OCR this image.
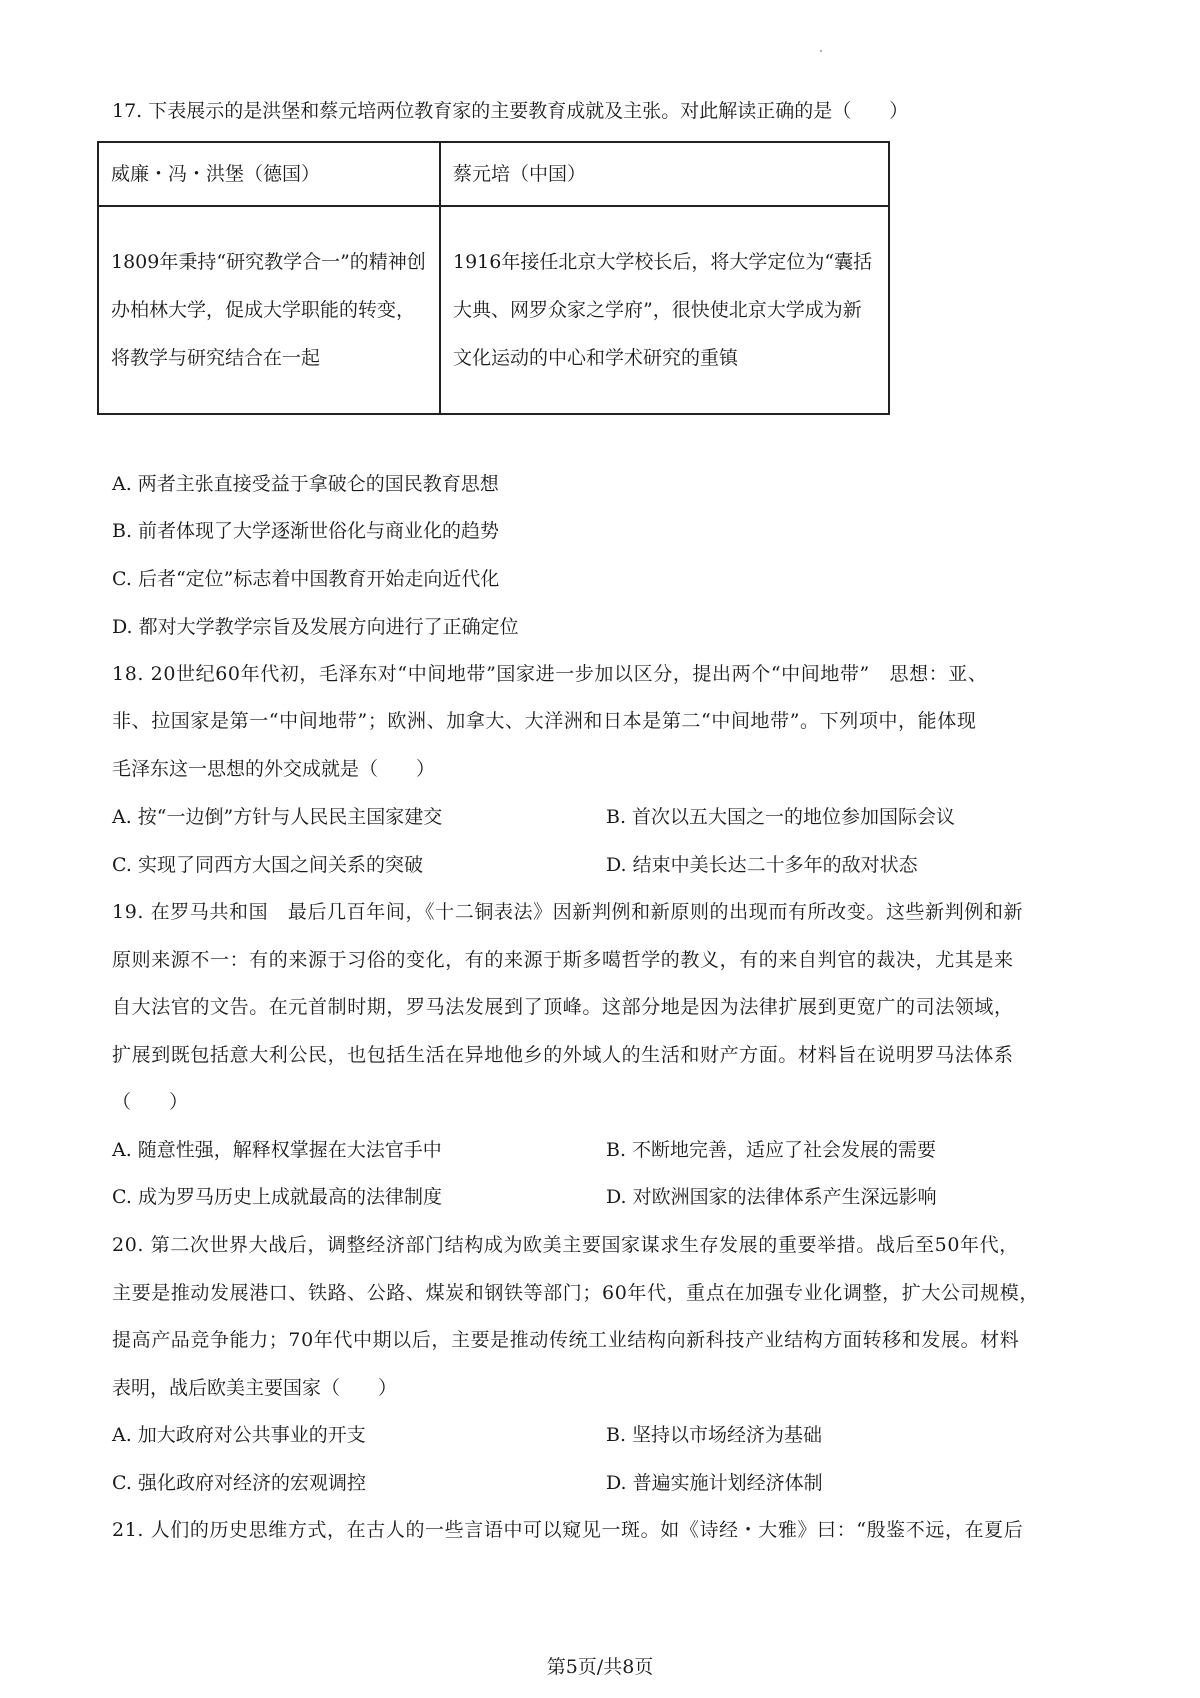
17. 下表展示的是洪堡和蔡元培两位教育家的主要教育成就及主张。对此解读正确的是（　　）
威廉・冯・洪堡（德国）	蔡元培（中国）

1809年秉持“研究教学合一”的精神创办柏林大学，促成大学职能的转变，将教学与研究结合在一起	1916年接任北京大学校长后，将大学定位为“囊括大典、网罗众家之学府”，很快使北京大学成为新文化运动的中心和学术研究的重镇
A. 两者主张直接受益于拿破仑的国民教育思想
B. 前者体现了大学逐渐世俗化与商业化的趋势
C. 后者“定位”标志着中国教育开始走向近代化
D. 都对大学教学宗旨及发展方向进行了正确定位
18. 20世纪60年代初，毛泽东对“中间地带”国家进一步加以区分，提出两个“中间地带”　思想：亚、
非、拉国家是第一“中间地带”；欧洲、加拿大、大洋洲和日本是第二“中间地带”。下列项中，能体现
毛泽东这一思想的外交成就是（　　）
A. 按“一边倒”方针与人民民主国家建交	B. 首次以五大国之一的地位参加国际会议
C. 实现了同西方大国之间关系的突破	D. 结束中美长达二十多年的敌对状态
19. 在罗马共和国　最后几百年间，《十二铜表法》因新判例和新原则的出现而有所改变。这些新判例和新
原则来源不一：有的来源于习俗的变化，有的来源于斯多噶哲学的教义，有的来自判官的裁决，尤其是来
自大法官的文告。在元首制时期，罗马法发展到了顶峰。这部分地是因为法律扩展到更宽广的司法领域，
扩展到既包括意大利公民，也包括生活在异地他乡的外域人的生活和财产方面。材料旨在说明罗马法体系
（　　）
A. 随意性强，解释权掌握在大法官手中	B. 不断地完善，适应了社会发展的需要
C. 成为罗马历史上成就最高的法律制度	D. 对欧洲国家的法律体系产生深远影响
20. 第二次世界大战后，调整经济部门结构成为欧美主要国家谋求生存发展的重要举措。战后至50年代，
主要是推动发展港口、铁路、公路、煤炭和钢铁等部门；60年代，重点在加强专业化调整，扩大公司规模，
提高产品竞争能力；70年代中期以后，主要是推动传统工业结构向新科技产业结构方面转移和发展。材料
表明，战后欧美主要国家（　　）
A. 加大政府对公共事业的开支	B. 坚持以市场经济为基础
C. 强化政府对经济的宏观调控	D. 普遍实施计划经济体制
21. 人们的历史思维方式，在古人的一些言语中可以窥见一斑。如《诗经・大雅》曰：“殷鉴不远，在夏后
第5页/共8页
